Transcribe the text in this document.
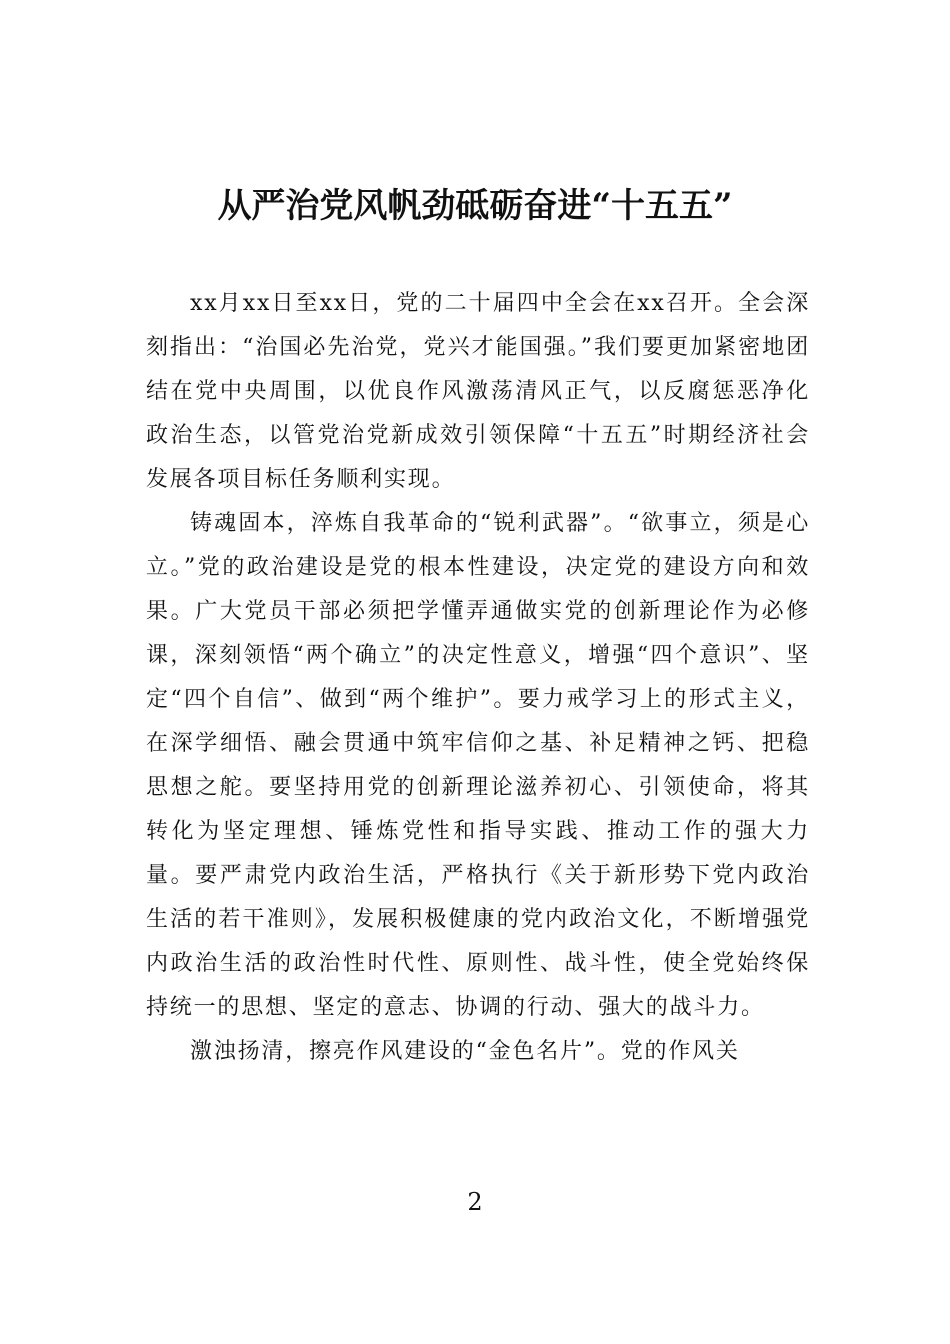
从严治党风帆劲砥砺奋进“十五五”

xx月xx日至xx日，党的二十届四中全会在xx召开。全会深刻指出：“治国必先治党，党兴才能国强。”我们要更加紧密地团结在党中央周围，以优良作风激荡清风正气，以反腐惩恶净化政治生态，以管党治党新成效引领保障“十五五”时期经济社会发展各项目标任务顺利实现。

铸魂固本，淬炼自我革命的“锐利武器”。“欲事立，须是心立。”党的政治建设是党的根本性建设，决定党的建设方向和效果。广大党员干部必须把学懂弄通做实党的创新理论作为必修课，深刻领悟“两个确立”的决定性意义，增强“四个意识”、坚定“四个自信”、做到“两个维护”。要力戒学习上的形式主义，在深学细悟、融会贯通中筑牢信仰之基、补足精神之钙、把稳思想之舵。要坚持用党的创新理论滋养初心、引领使命，将其转化为坚定理想、锤炼党性和指导实践、推动工作的强大力量。要严肃党内政治生活，严格执行《关于新形势下党内政治生活的若干准则》，发展积极健康的党内政治文化，不断增强党内政治生活的政治性时代性、原则性、战斗性，使全党始终保持统一的思想、坚定的意志、协调的行动、强大的战斗力。

激浊扬清，擦亮作风建设的“金色名片”。党的作风关

2
